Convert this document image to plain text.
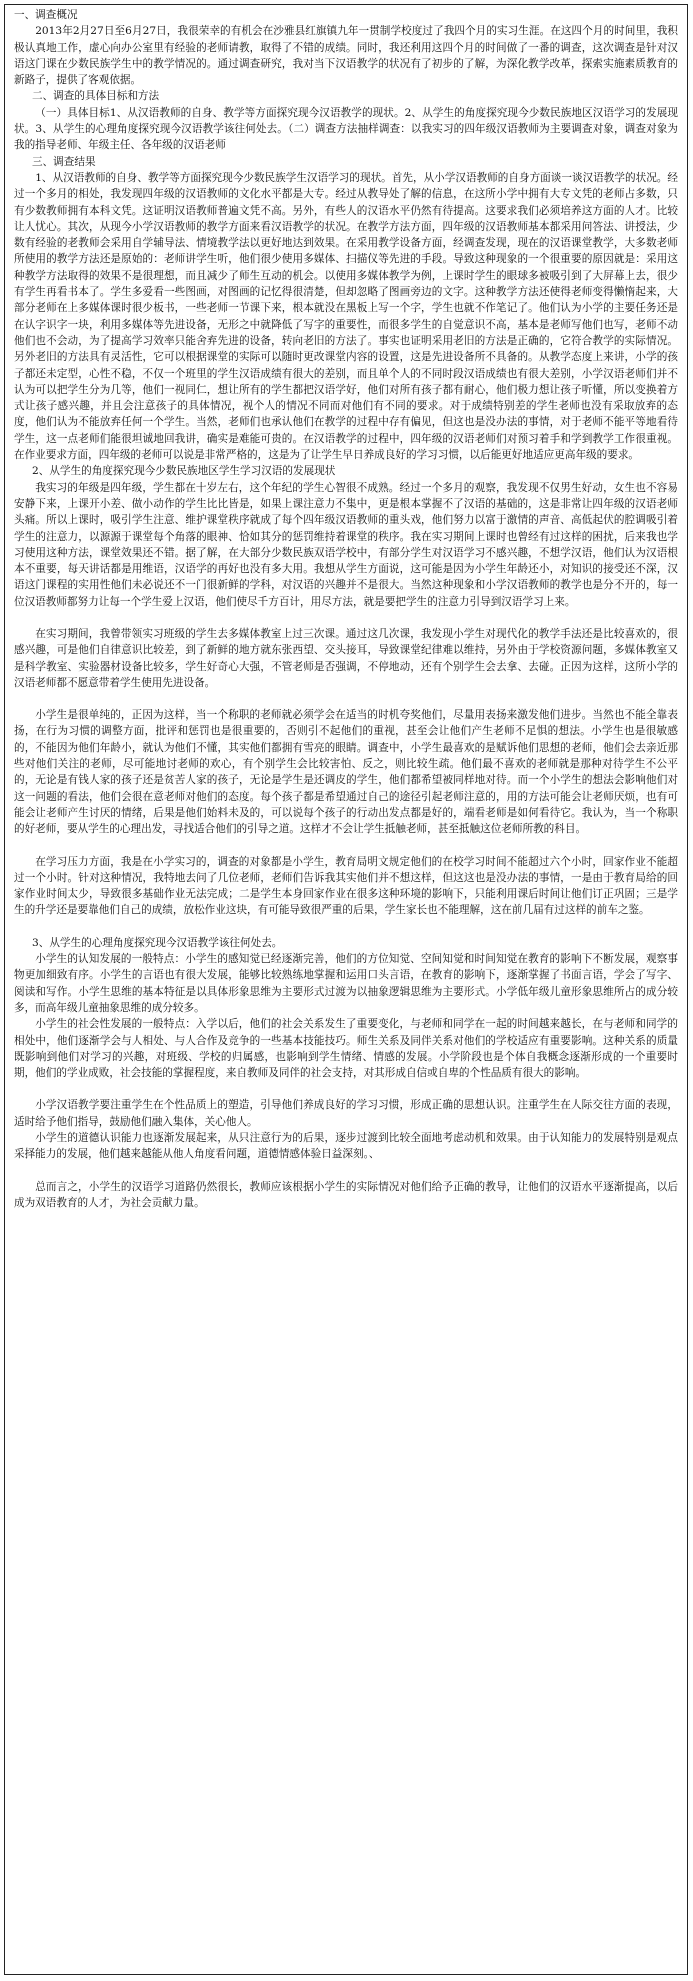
一、调查概况
2013年2月27日至6月27日，我很荣幸的有机会在沙雅县红旗镇九年一贯制学校度过了我四个月的实习生涯。在这四个月的时间里，我积极认真地工作，虚心向办公室里有经验的老师请教，取得了不错的成绩。同时，我还利用这四个月的时间做了一番的调查，这次调查是针对汉语这门课在少数民族学生中的教学情况的。通过调查研究，我对当下汉语教学的状况有了初步的了解，为深化教学改革，探索实施素质教育的新路子，提供了客观依据。
二、调查的具体目标和方法
（一）具体目标1、从汉语教师的自身、教学等方面探究现今汉语教学的现状。2、从学生的角度探究现今少数民族地区汉语学习的发展现状。3、从学生的心理角度探究现今汉语教学该往何处去。（二）调查方法抽样调查：以我实习的四年级汉语教师为主要调查对象，调查对象为我的指导老师、年级主任、各年级的汉语老师
三、调查结果
1、从汉语教师的自身、教学等方面探究现今少数民族学生汉语学习的现状。首先，从小学汉语教师的自身方面谈一谈汉语教学的状况。经过一个多月的相处，我发现四年级的汉语教师的文化水平都是大专。经过从教导处了解的信息，在这所小学中拥有大专文凭的老师占多数，只有少数教师拥有本科文凭。这证明汉语教师普遍文凭不高。另外，有些人的汉语水平仍然有待提高。这要求我们必须培养这方面的人才。比较让人忧心。其次，从现今小学汉语教师的教学方面来看汉语教学的状况。在教学方法方面，四年级的汉语教师基本都采用问答法、讲授法，少数有经验的老教师会采用自学辅导法、情境教学法以更好地达到效果。在采用教学设备方面，经调查发现，现在的汉语课堂教学，大多数老师所使用的教学方法还是原始的：老师讲学生听，他们很少使用多媒体、扫描仪等先进的手段。导致这种现象的一个很重要的原因就是：采用这种教学方法取得的效果不是很理想，而且减少了师生互动的机会。以使用多媒体教学为例，上课时学生的眼球多被吸引到了大屏幕上去，很少有学生再看书本了。学生多爱看一些图画，对图画的记忆得很清楚，但却忽略了图画旁边的文字。这种教学方法还使得老师变得懒惰起来，大部分老师在上多媒体课时很少板书，一些老师一节课下来，根本就没在黑板上写一个字，学生也就不作笔记了。他们认为小学的主要任务还是在认字识字一块，利用多媒体等先进设备，无形之中就降低了写字的重要性，而很多学生的自觉意识不高，基本是老师写他们也写，老师不动他们也不会动，为了提高学习效率只能舍弃先进的设备，转向老旧的方法了。事实也证明采用老旧的方法是正确的，它符合教学的实际情况。另外老旧的方法具有灵活性，它可以根据课堂的实际可以随时更改课堂内容的设置，这是先进设备所不具备的。从教学态度上来讲，小学的孩子都还未定型，心性不稳，不仅一个班里的学生汉语成绩有很大的差别，而且单个人的不同时段汉语成绩也有很大差别，小学汉语老师们并不认为可以把学生分为几等，他们一视同仁，想让所有的学生都把汉语学好，他们对所有孩子都有耐心，他们极力想让孩子听懂，所以变换着方式让孩子感兴趣，并且会注意孩子的具体情况，视个人的情况不同而对他们有不同的要求。对于成绩特别差的学生老师也没有采取放弃的态度，他们认为不能放弃任何一个学生。当然，老师们也承认他们在教学的过程中存有偏见，但这也是没办法的事情，对于老师不能平等地看待学生，这一点老师们能很坦诚地回我讲，确实是难能可贵的。在汉语教学的过程中，四年级的汉语老师们对预习着手和学到教学工作很重视。在作业要求方面，四年级的老师可以说是非常严格的，这是为了让学生早日养成良好的学习习惯，以后能更好地适应更高年级的要求。
2、从学生的角度探究现今少数民族地区学生学习汉语的发展现状
我实习的年级是四年级，学生都在十岁左右，这个年纪的学生心智很不成熟。经过一个多月的观察，我发现不仅男生好动，女生也不容易安静下来，上课开小差、做小动作的学生比比皆是，如果上课注意力不集中，更是根本掌握不了汉语的基础的，这是非常让四年级的汉语老师头痛。所以上课时，吸引学生注意、维护课堂秩序就成了每个四年级汉语教师的重头戏，他们努力以富于激情的声音、高低起伏的腔调吸引着学生的注意力，以源源于课堂每个角落的眼神、恰如其分的惩罚维持着课堂的秩序。我在实习期间上课时也曾经有过这样的困扰，后来我也学习使用这种方法，课堂效果还不错。据了解，在大部分少数民族双语学校中，有部分学生对汉语学习不感兴趣，不想学汉语，他们认为汉语根本不重要，每天讲话都是用维语，汉语学的再好也没有多大用。我想从学生方面说，这可能是因为小学生年龄还小，对知识的接受还不深，汉语这门课程的实用性他们未必说还不一门很新鲜的学科，对汉语的兴趣并不是很大。当然这种现象和小学汉语教师的教学也是分不开的，每一位汉语教师都努力让每一个学生爱上汉语，他们使尽千方百计，用尽方法，就是要把学生的注意力引导到汉语学习上来。
在实习期间，我曾带领实习班级的学生去多媒体教室上过三次课。通过这几次课，我发现小学生对现代化的教学手法还是比较喜欢的，很感兴趣，可是他们自律意识比较差，到了新鲜的地方就东张西望、交头接耳，导致课堂纪律难以维持，另外由于学校资源问题，多媒体教室又是科学教室、实验器材设备比较多，学生好奇心大强，不管老师是否强调，不停地动，还有个别学生会去拿、去碰。正因为这样，这所小学的汉语老师都不愿意带着学生使用先进设备。
小学生是很单纯的，正因为这样，当一个称职的老师就必须学会在适当的时机夸奖他们，尽量用表扬来激发他们进步。当然也不能全靠表扬，在行为习惯的调整方面，批评和惩罚也是很重要的，否则引不起他们的重视，甚至会让他们产生老师不足惧的想法。小学生也是很敏感的，不能因为他们年龄小，就认为他们不懂，其实他们都拥有雪亮的眼睛。调查中，小学生最喜欢的是赋诉他们思想的老师，他们会去亲近那些对他们关注的老师，尽可能地讨老师的欢心，有个别学生会比较害怕、反之，则比较生疏。他们最不喜欢的老师就是那种对待学生不公平的，无论是有钱人家的孩子还是贫苦人家的孩子，无论是学生是还调皮的学生，他们都希望被同样地对待。而一个小学生的想法会影响他们对这一问题的看法，他们会很在意老师对他们的态度。每个孩子都是希望通过自己的途径引起老师注意的，用的方法可能会让老师厌烦，也有可能会让老师产生讨厌的情绪，后果是他们始料未及的，可以说每个孩子的行动出发点都是好的，端看老师是如何看待它。我认为，当一个称职的好老师，要从学生的心理出发，寻找适合他们的引导之道。这样才不会让学生抵触老师，甚至抵触这位老师所教的科目。
在学习压力方面，我是在小学实习的，调查的对象都是小学生，教育局明文规定他们的在校学习时间不能超过六个小时，回家作业不能超过一个小时。针对这种情况，我特地去问了几位老师，老师们告诉我其实他们并不想这样，但这这也是没办法的事情，一是由于教育局给的回家作业时间太少，导致很多基础作业无法完成；二是学生本身回家作业在很多这种环境的影响下，只能利用课后时间让他们订正巩固；三是学生的升学还是要靠他们自己的成绩，放松作业这块，有可能导致很严重的后果，学生家长也不能理解，这在前几届有过这样的前车之鉴。
3、从学生的心理角度探究现今汉语教学该往何处去。
小学生的认知发展的一般特点：小学生的感知觉已经逐渐完善，他们的方位知觉、空间知觉和时间知觉在教育的影响下不断发展，观察事物更加细致有序。小学生的言语也有很大发展，能够比较熟练地掌握和运用口头言语，在教育的影响下，逐渐掌握了书面言语，学会了写字、阅读和写作。小学生思维的基本特征是以具体形象思维为主要形式过渡为以抽象逻辑思维为主要形式。小学低年级儿童形象思维所占的成分较多，而高年级儿童抽象思维的成分较多。
小学生的社会性发展的一般特点：入学以后，他们的社会关系发生了重要变化，与老师和同学在一起的时间越来越长，在与老师和同学的相处中，他们逐渐学会与人相处、与人合作及竞争的一些基本技能技巧。师生关系及同伴关系对他们的学校适应有重要影响。这种关系的质量既影响到他们对学习的兴趣，对班级、学校的归属感，也影响到学生情绪、情感的发展。小学阶段也是个体自我概念逐渐形成的一个重要时期，他们的学业成败，社会技能的掌握程度，来自教师及同伴的社会支持，对其形成自信或自卑的个性品质有很大的影响。
小学汉语教学要注重学生在个性品质上的塑造，引导他们养成良好的学习习惯，形成正确的思想认识。注重学生在人际交往方面的表现，适时给予他们指导，鼓励他们融入集体，关心他人。
小学生的道德认识能力也逐渐发展起来，从只注意行为的后果，逐步过渡到比较全面地考虑动机和效果。由于认知能力的发展特别是观点采择能力的发展，他们越来越能从他人角度看问题，道德情感体验日益深刻。、
总而言之，小学生的汉语学习道路仍然很长，教师应该根据小学生的实际情况对他们给予正确的教导，让他们的汉语水平逐渐提高，以后成为双语教育的人才，为社会贡献力量。
